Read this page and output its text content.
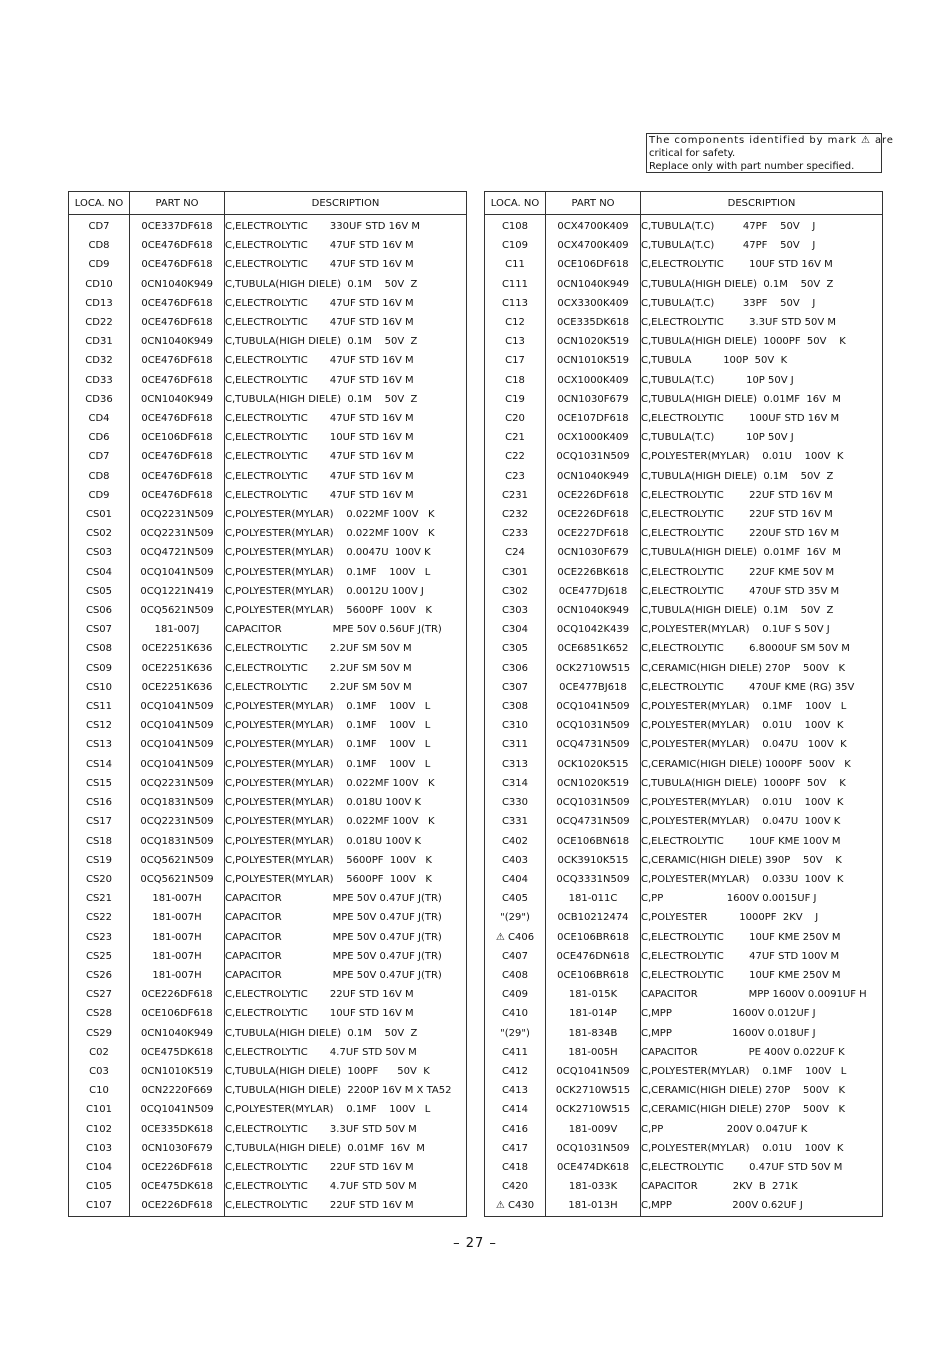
The components identified by mark ⚠ are
critical for safety.
Replace only with part number specified.
LOCA. NO	PART NO	DESCRIPTION
CD7	0CE337DF618	C,ELECTROLYTIC       330UF STD 16V M
CD8	0CE476DF618	C,ELECTROLYTIC       47UF STD 16V M
CD9	0CE476DF618	C,ELECTROLYTIC       47UF STD 16V M
CD10	0CN1040K949	C,TUBULA(HIGH DIELE)  0.1M    50V  Z
CD13	0CE476DF618	C,ELECTROLYTIC       47UF STD 16V M
CD22	0CE476DF618	C,ELECTROLYTIC       47UF STD 16V M
CD31	0CN1040K949	C,TUBULA(HIGH DIELE)  0.1M    50V  Z
CD32	0CE476DF618	C,ELECTROLYTIC       47UF STD 16V M
CD33	0CE476DF618	C,ELECTROLYTIC       47UF STD 16V M
CD36	0CN1040K949	C,TUBULA(HIGH DIELE)  0.1M    50V  Z
CD4	0CE476DF618	C,ELECTROLYTIC       47UF STD 16V M
CD6	0CE106DF618	C,ELECTROLYTIC       10UF STD 16V M
CD7	0CE476DF618	C,ELECTROLYTIC       47UF STD 16V M
CD8	0CE476DF618	C,ELECTROLYTIC       47UF STD 16V M
CD9	0CE476DF618	C,ELECTROLYTIC       47UF STD 16V M
CS01	0CQ2231N509	C,POLYESTER(MYLAR)    0.022MF 100V   K
CS02	0CQ2231N509	C,POLYESTER(MYLAR)    0.022MF 100V   K
CS03	0CQ4721N509	C,POLYESTER(MYLAR)    0.0047U  100V K
CS04	0CQ1041N509	C,POLYESTER(MYLAR)    0.1MF    100V   L
CS05	0CQ1221N419	C,POLYESTER(MYLAR)    0.0012U 100V J
CS06	0CQ5621N509	C,POLYESTER(MYLAR)    5600PF  100V   K
CS07	181-007J	CAPACITOR                MPE 50V 0.56UF J(TR)
CS08	0CE2251K636	C,ELECTROLYTIC       2.2UF SM 50V M
CS09	0CE2251K636	C,ELECTROLYTIC       2.2UF SM 50V M
CS10	0CE2251K636	C,ELECTROLYTIC       2.2UF SM 50V M
CS11	0CQ1041N509	C,POLYESTER(MYLAR)    0.1MF    100V   L
CS12	0CQ1041N509	C,POLYESTER(MYLAR)    0.1MF    100V   L
CS13	0CQ1041N509	C,POLYESTER(MYLAR)    0.1MF    100V   L
CS14	0CQ1041N509	C,POLYESTER(MYLAR)    0.1MF    100V   L
CS15	0CQ2231N509	C,POLYESTER(MYLAR)    0.022MF 100V   K
CS16	0CQ1831N509	C,POLYESTER(MYLAR)    0.018U 100V K
CS17	0CQ2231N509	C,POLYESTER(MYLAR)    0.022MF 100V   K
CS18	0CQ1831N509	C,POLYESTER(MYLAR)    0.018U 100V K
CS19	0CQ5621N509	C,POLYESTER(MYLAR)    5600PF  100V   K
CS20	0CQ5621N509	C,POLYESTER(MYLAR)    5600PF  100V   K
CS21	181-007H	CAPACITOR                MPE 50V 0.47UF J(TR)
CS22	181-007H	CAPACITOR                MPE 50V 0.47UF J(TR)
CS23	181-007H	CAPACITOR                MPE 50V 0.47UF J(TR)
CS25	181-007H	CAPACITOR                MPE 50V 0.47UF J(TR)
CS26	181-007H	CAPACITOR                MPE 50V 0.47UF J(TR)
CS27	0CE226DF618	C,ELECTROLYTIC       22UF STD 16V M
CS28	0CE106DF618	C,ELECTROLYTIC       10UF STD 16V M
CS29	0CN1040K949	C,TUBULA(HIGH DIELE)  0.1M    50V  Z
C02	0CE475DK618	C,ELECTROLYTIC       4.7UF STD 50V M
C03	0CN1010K519	C,TUBULA(HIGH DIELE)  100PF      50V  K
C10	0CN2220F669	C,TUBULA(HIGH DIELE)  2200P 16V M X TA52
C101	0CQ1041N509	C,POLYESTER(MYLAR)    0.1MF    100V   L
C102	0CE335DK618	C,ELECTROLYTIC       3.3UF STD 50V M
C103	0CN1030F679	C,TUBULA(HIGH DIELE)  0.01MF  16V  M
C104	0CE226DF618	C,ELECTROLYTIC       22UF STD 16V M
C105	0CE475DK618	C,ELECTROLYTIC       4.7UF STD 50V M
C107	0CE226DF618	C,ELECTROLYTIC       22UF STD 16V M
LOCA. NO	PART NO	DESCRIPTION
C108	0CX4700K409	C,TUBULA(T.C)         47PF    50V    J
C109	0CX4700K409	C,TUBULA(T.C)         47PF    50V    J
C11	0CE106DF618	C,ELECTROLYTIC        10UF STD 16V M
C111	0CN1040K949	C,TUBULA(HIGH DIELE)  0.1M    50V  Z
C113	0CX3300K409	C,TUBULA(T.C)         33PF    50V    J
C12	0CE335DK618	C,ELECTROLYTIC        3.3UF STD 50V M
C13	0CN1020K519	C,TUBULA(HIGH DIELE)  1000PF  50V    K
C17	0CN1010K519	C,TUBULA          100P  50V  K
C18	0CX1000K409	C,TUBULA(T.C)          10P 50V J
C19	0CN1030F679	C,TUBULA(HIGH DIELE)  0.01MF  16V  M
C20	0CE107DF618	C,ELECTROLYTIC        100UF STD 16V M
C21	0CX1000K409	C,TUBULA(T.C)          10P 50V J
C22	0CQ1031N509	C,POLYESTER(MYLAR)    0.01U    100V  K
C23	0CN1040K949	C,TUBULA(HIGH DIELE)  0.1M    50V  Z
C231	0CE226DF618	C,ELECTROLYTIC        22UF STD 16V M
C232	0CE226DF618	C,ELECTROLYTIC        22UF STD 16V M
C233	0CE227DF618	C,ELECTROLYTIC        220UF STD 16V M
C24	0CN1030F679	C,TUBULA(HIGH DIELE)  0.01MF  16V  M
C301	0CE226BK618	C,ELECTROLYTIC        22UF KME 50V M
C302	0CE477DJ618	C,ELECTROLYTIC        470UF STD 35V M
C303	0CN1040K949	C,TUBULA(HIGH DIELE)  0.1M    50V  Z
C304	0CQ1042K439	C,POLYESTER(MYLAR)    0.1UF S 50V J
C305	0CE6851K652	C,ELECTROLYTIC        6.8000UF SM 50V M
C306	0CK2710W515	C,CERAMIC(HIGH DIELE) 270P    500V   K
C307	0CE477BJ618	C,ELECTROLYTIC        470UF KME (RG) 35V
C308	0CQ1041N509	C,POLYESTER(MYLAR)    0.1MF    100V   L
C310	0CQ1031N509	C,POLYESTER(MYLAR)    0.01U    100V  K
C311	0CQ4731N509	C,POLYESTER(MYLAR)    0.047U   100V  K
C313	0CK1020K515	C,CERAMIC(HIGH DIELE) 1000PF  500V   K
C314	0CN1020K519	C,TUBULA(HIGH DIELE)  1000PF  50V    K
C330	0CQ1031N509	C,POLYESTER(MYLAR)    0.01U    100V  K
C331	0CQ4731N509	C,POLYESTER(MYLAR)    0.047U  100V K
C402	0CE106BN618	C,ELECTROLYTIC        10UF KME 100V M
C403	0CK3910K515	C,CERAMIC(HIGH DIELE) 390P    50V    K
C404	0CQ3331N509	C,POLYESTER(MYLAR)    0.033U  100V  K
C405	181-011C	C,PP                    1600V 0.0015UF J
"(29")	0CB10212474	C,POLYESTER          1000PF  2KV    J
⚠ C406	0CE106BR618	C,ELECTROLYTIC        10UF KME 250V M
C407	0CE476DN618	C,ELECTROLYTIC        47UF STD 100V M
C408	0CE106BR618	C,ELECTROLYTIC        10UF KME 250V M
C409	181-015K	CAPACITOR                MPP 1600V 0.0091UF H
C410	181-014P	C,MPP                   1600V 0.012UF J
"(29")	181-834B	C,MPP                   1600V 0.018UF J
C411	181-005H	CAPACITOR                PE 400V 0.022UF K
C412	0CQ1041N509	C,POLYESTER(MYLAR)    0.1MF    100V   L
C413	0CK2710W515	C,CERAMIC(HIGH DIELE) 270P    500V   K
C414	0CK2710W515	C,CERAMIC(HIGH DIELE) 270P    500V   K
C416	181-009V	C,PP                    200V 0.047UF K
C417	0CQ1031N509	C,POLYESTER(MYLAR)    0.01U    100V  K
C418	0CE474DK618	C,ELECTROLYTIC        0.47UF STD 50V M
C420	181-033K	CAPACITOR           2KV  B  271K
⚠ C430	181-013H	C,MPP                   200V 0.62UF J
– 27 –
